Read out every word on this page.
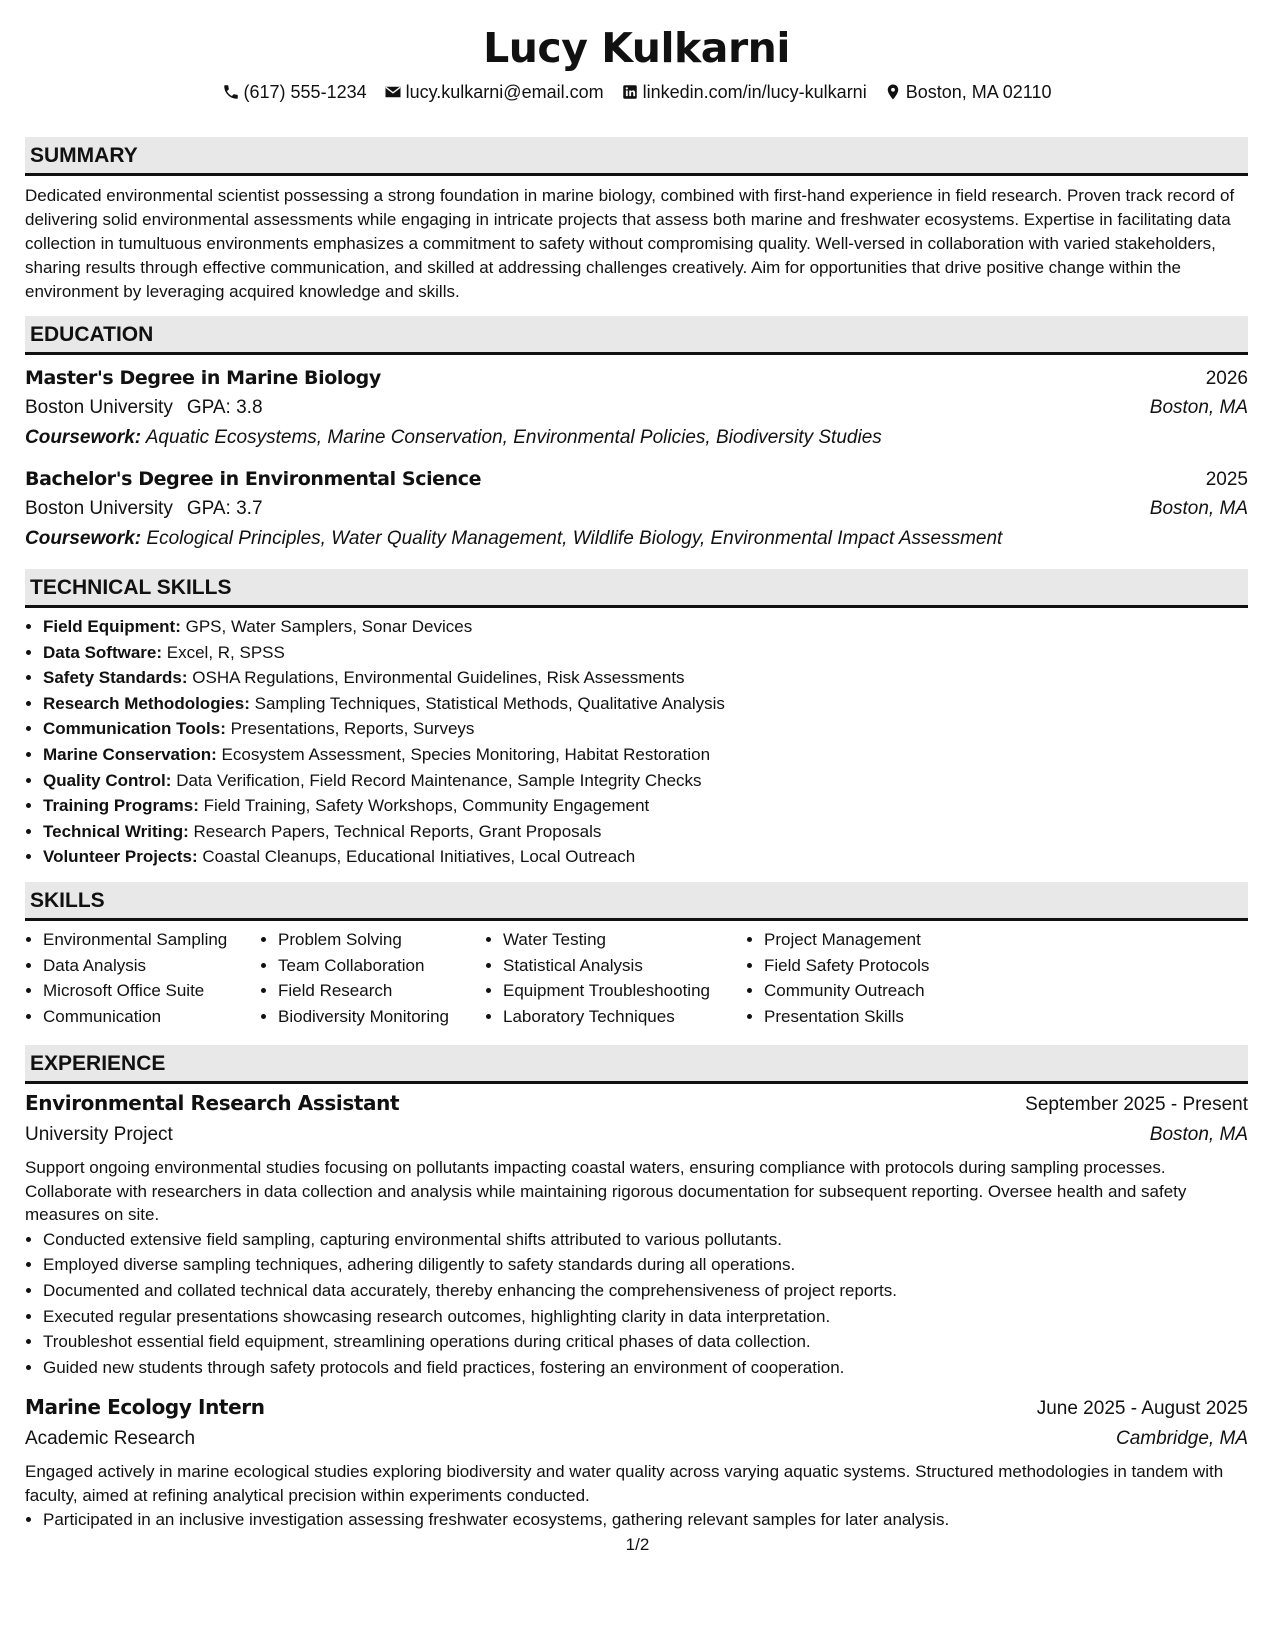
Lucy Kulkarni
(617) 555-1234 lucy.kulkarni@email.com linkedin.com/in/lucy-kulkarni Boston, MA 02110
SUMMARY

Dedicated environmental scientist possessing a strong foundation in marine biology, combined with first-hand experience in field research. Proven track record of delivering solid environmental assessments while engaging in intricate projects that assess both marine and freshwater ecosystems. Expertise in facilitating data collection in tumultuous environments emphasizes a commitment to safety without compromising quality. Well-versed in collaboration with varied stakeholders, sharing results through effective communication, and skilled at addressing challenges creatively. Aim for opportunities that drive positive change within the environment by leveraging acquired knowledge and skills.

EDUCATION
Master's Degree in Marine Biology	2026
Boston University GPA: 3.8	Boston, MA
Coursework: Aquatic Ecosystems, Marine Conservation, Environmental Policies, Biodiversity Studies
Bachelor's Degree in Environmental Science	2025
Boston University GPA: 3.7	Boston, MA
Coursework: Ecological Principles, Water Quality Management, Wildlife Biology, Environmental Impact Assessment
TECHNICAL SKILLS
• Field Equipment: GPS, Water Samplers, Sonar Devices
• Data Software: Excel, R, SPSS
• Safety Standards: OSHA Regulations, Environmental Guidelines, Risk Assessments
• Research Methodologies: Sampling Techniques, Statistical Methods, Qualitative Analysis
• Communication Tools: Presentations, Reports, Surveys
• Marine Conservation: Ecosystem Assessment, Species Monitoring, Habitat Restoration
• Quality Control: Data Verification, Field Record Maintenance, Sample Integrity Checks
• Training Programs: Field Training, Safety Workshops, Community Engagement
• Technical Writing: Research Papers, Technical Reports, Grant Proposals
• Volunteer Projects: Coastal Cleanups, Educational Initiatives, Local Outreach
SKILLS
• Environmental Sampling
• Data Analysis
• Microsoft Office Suite
• Communication
• Problem Solving
• Team Collaboration
• Field Research
• Biodiversity Monitoring
• Water Testing
• Statistical Analysis
• Equipment Troubleshooting
• Laboratory Techniques
• Project Management
• Field Safety Protocols
• Community Outreach
• Presentation Skills
EXPERIENCE
Environmental Research Assistant	September 2025 - Present
University Project	Boston, MA

Support ongoing environmental studies focusing on pollutants impacting coastal waters, ensuring compliance with protocols during sampling processes. Collaborate with researchers in data collection and analysis while maintaining rigorous documentation for subsequent reporting. Oversee health and safety measures on site.

• Conducted extensive field sampling, capturing environmental shifts attributed to various pollutants.
• Employed diverse sampling techniques, adhering diligently to safety standards during all operations.
• Documented and collated technical data accurately, thereby enhancing the comprehensiveness of project reports.
• Executed regular presentations showcasing research outcomes, highlighting clarity in data interpretation.
• Troubleshot essential field equipment, streamlining operations during critical phases of data collection.
• Guided new students through safety protocols and field practices, fostering an environment of cooperation.
Marine Ecology Intern	June 2025 - August 2025
Academic Research	Cambridge, MA

Engaged actively in marine ecological studies exploring biodiversity and water quality across varying aquatic systems. Structured methodologies in tandem with faculty, aimed at refining analytical precision within experiments conducted.

• Participated in an inclusive investigation assessing freshwater ecosystems, gathering relevant samples for later analysis.
1/2
